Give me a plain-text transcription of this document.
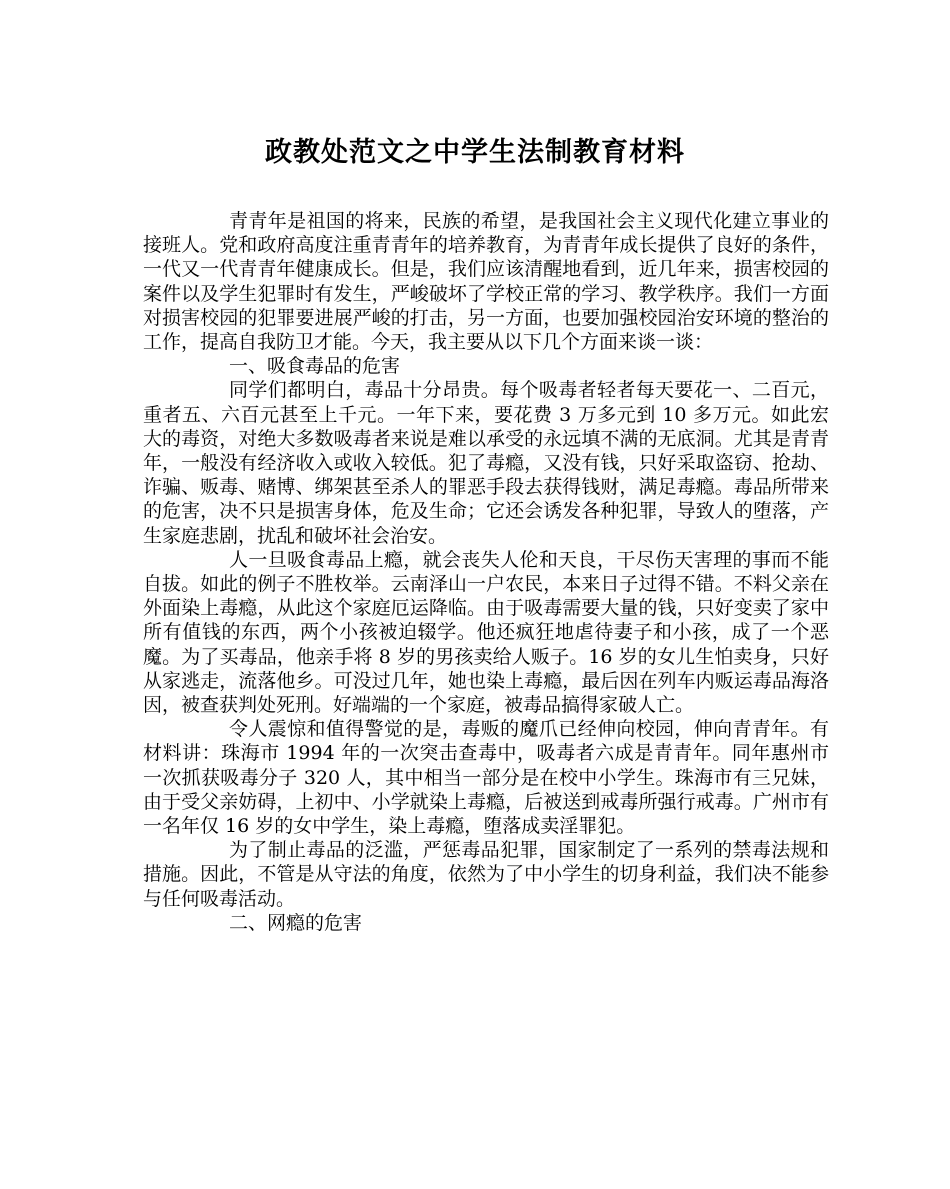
政教处范文之中学生法制教育材料

青青年是祖国的将来，民族的希望，是我国社会主义现代化建立事业的接班人。党和政府高度注重青青年的培养教育，为青青年成长提供了良好的条件，一代又一代青青年健康成长。但是，我们应该清醒地看到，近几年来，损害校园的案件以及学生犯罪时有发生，严峻破坏了学校正常的学习、教学秩序。我们一方面对损害校园的犯罪要进展严峻的打击，另一方面，也要加强校园治安环境的整治的工作，提高自我防卫才能。今天，我主要从以下几个方面来谈一谈：

一、吸食毒品的危害

同学们都明白，毒品十分昂贵。每个吸毒者轻者每天要花一、二百元，重者五、六百元甚至上千元。一年下来，要花费 3 万多元到 10 多万元。如此宏大的毒资，对绝大多数吸毒者来说是难以承受的永远填不满的无底洞。尤其是青青年，一般没有经济收入或收入较低。犯了毒瘾，又没有钱，只好采取盗窃、抢劫、诈骗、贩毒、赌博、绑架甚至杀人的罪恶手段去获得钱财，满足毒瘾。毒品所带来的危害，决不只是损害身体，危及生命；它还会诱发各种犯罪，导致人的堕落，产生家庭悲剧，扰乱和破坏社会治安。

人一旦吸食毒品上瘾，就会丧失人伦和天良，干尽伤天害理的事而不能自拔。如此的例子不胜枚举。云南泽山一户农民，本来日子过得不错。不料父亲在外面染上毒瘾，从此这个家庭厄运降临。由于吸毒需要大量的钱，只好变卖了家中所有值钱的东西，两个小孩被迫辍学。他还疯狂地虐待妻子和小孩，成了一个恶魔。为了买毒品，他亲手将 8 岁的男孩卖给人贩子。16 岁的女儿生怕卖身，只好从家逃走，流落他乡。可没过几年，她也染上毒瘾，最后因在列车内贩运毒品海洛因，被查获判处死刑。好端端的一个家庭，被毒品搞得家破人亡。

令人震惊和值得警觉的是，毒贩的魔爪已经伸向校园，伸向青青年。有材料讲：珠海市 1994 年的一次突击查毒中，吸毒者六成是青青年。同年惠州市一次抓获吸毒分子 320 人，其中相当一部分是在校中小学生。珠海市有三兄妹，由于受父亲妨碍，上初中、小学就染上毒瘾，后被送到戒毒所强行戒毒。广州市有一名年仅 16 岁的女中学生，染上毒瘾，堕落成卖淫罪犯。

为了制止毒品的泛滥，严惩毒品犯罪，国家制定了一系列的禁毒法规和措施。因此，不管是从守法的角度，依然为了中小学生的切身利益，我们决不能参与任何吸毒活动。

二、网瘾的危害
